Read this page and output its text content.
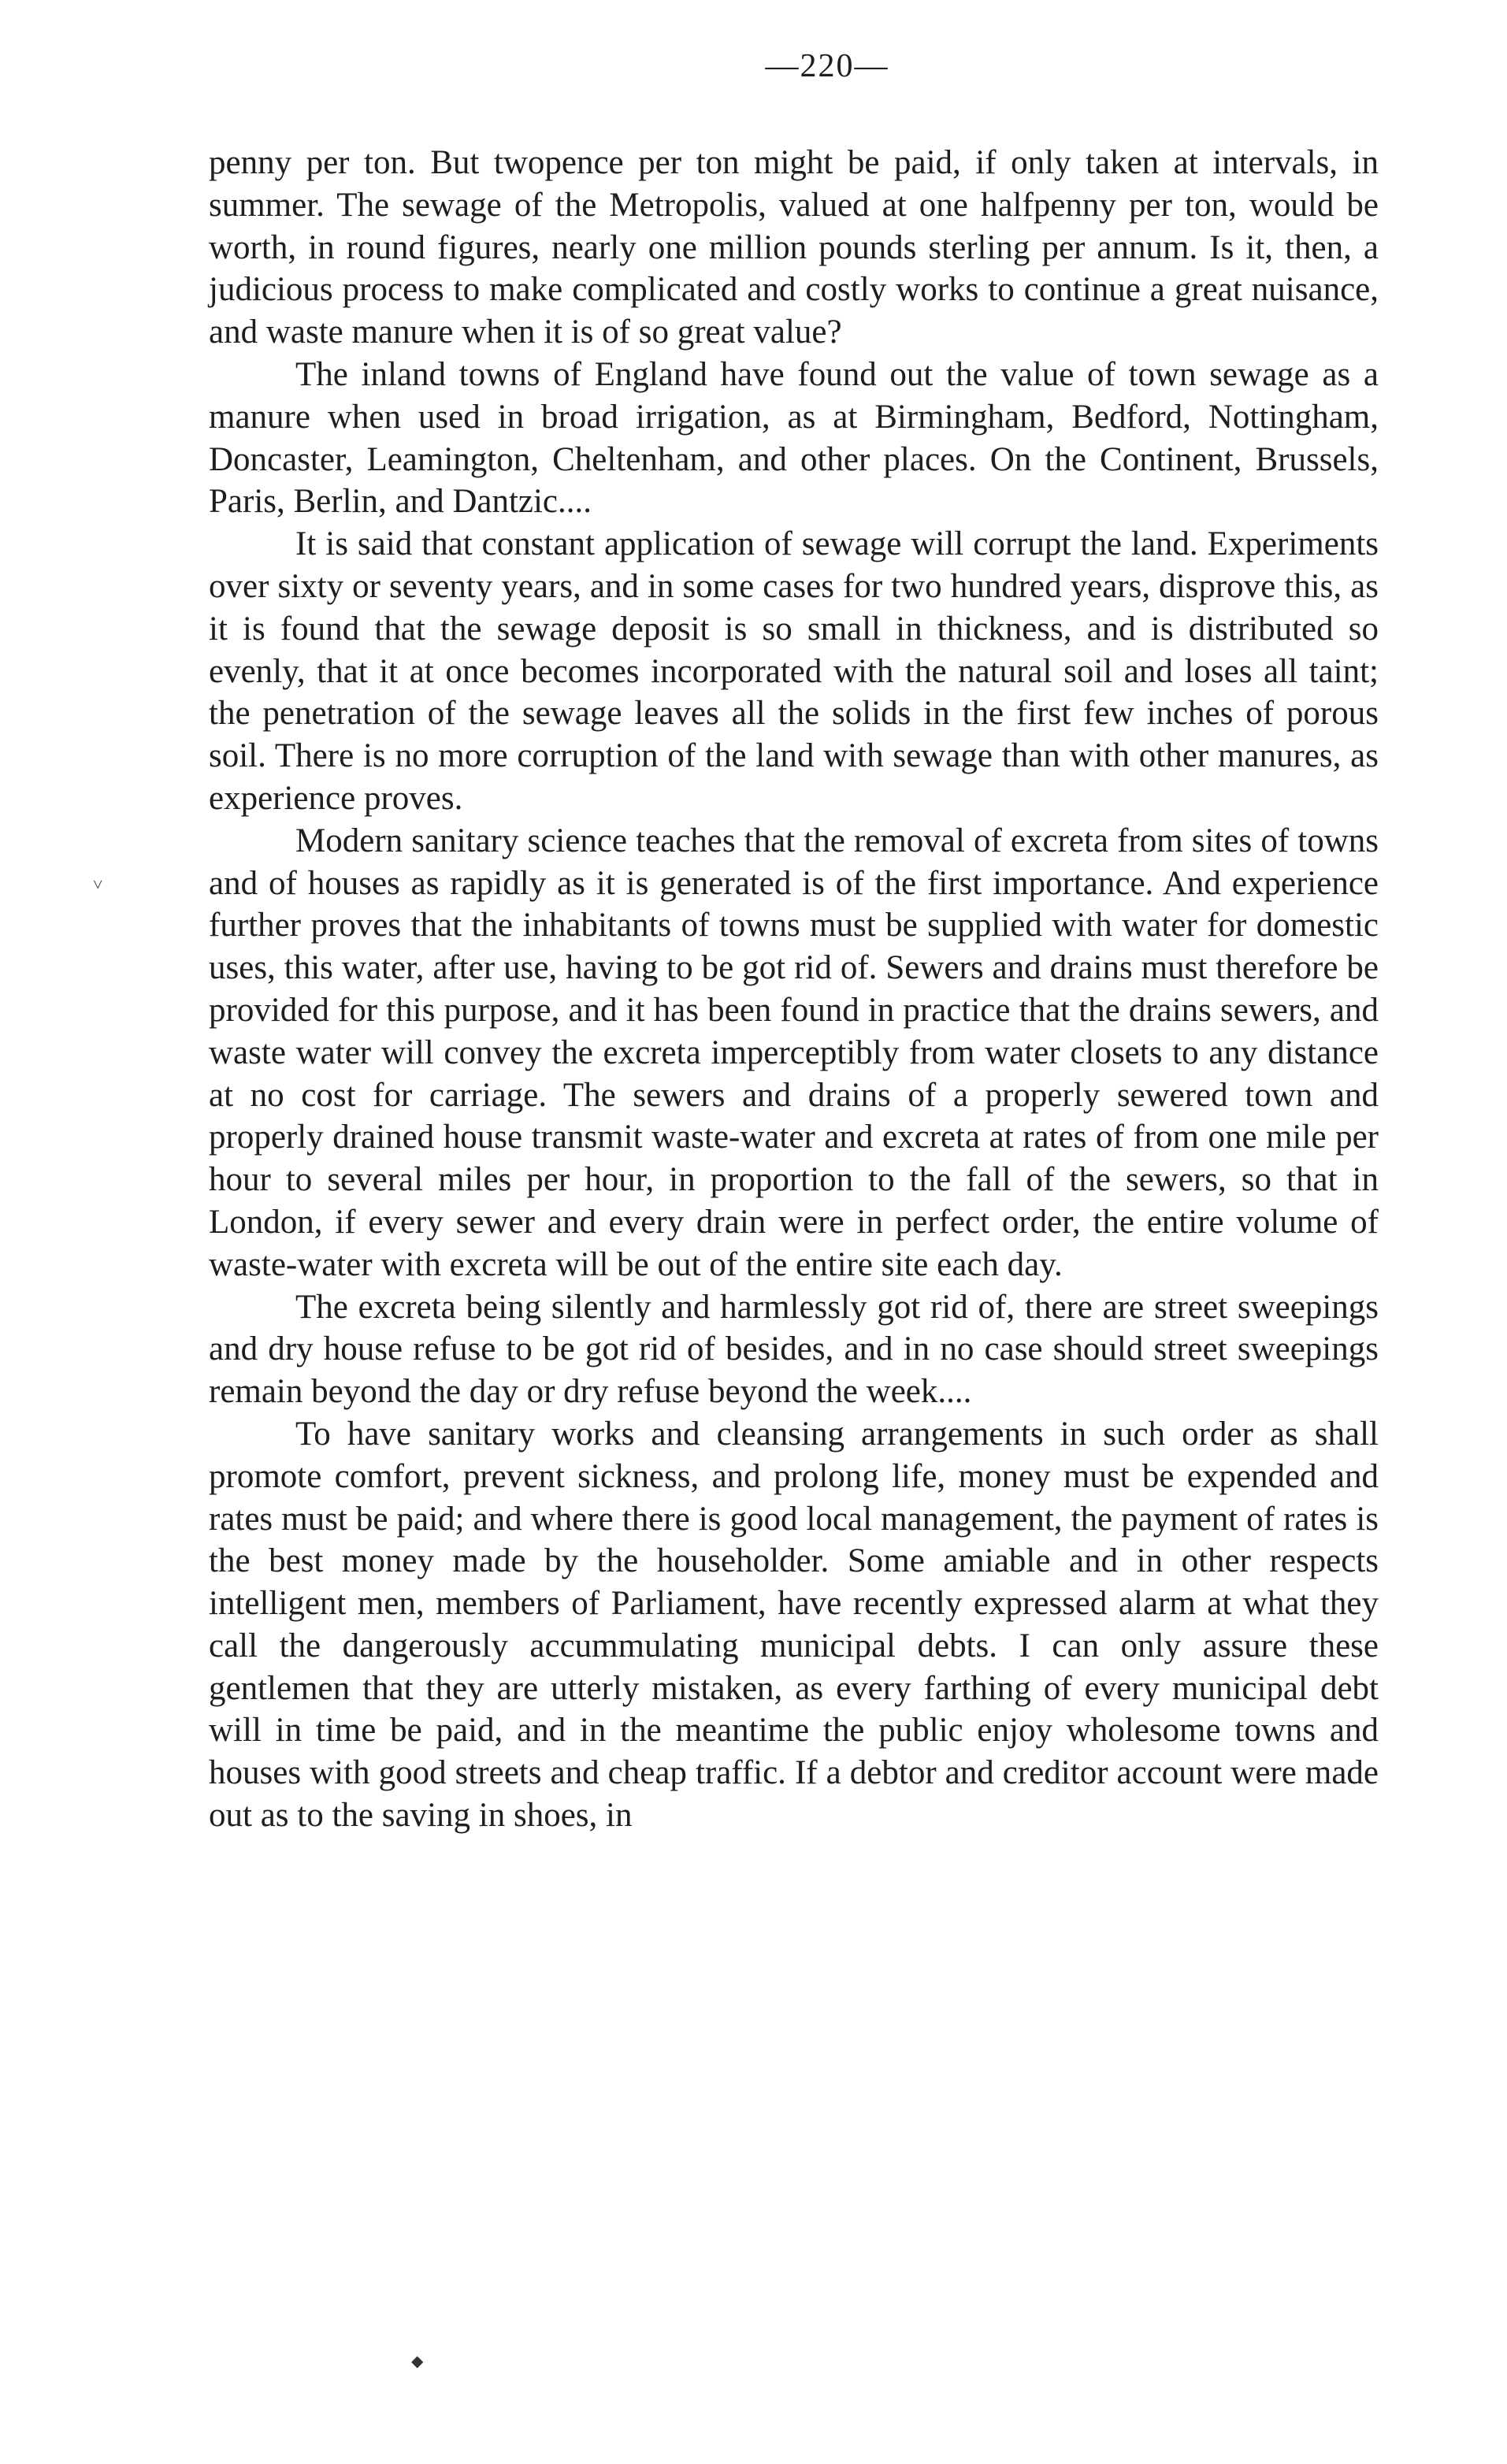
—220—
˅

penny per ton. But twopence per ton might be paid, if only taken at intervals, in summer. The sewage of the Metropolis, valued at one halfpenny per ton, would be worth, in round figures, nearly one million pounds sterling per annum. Is it, then, a judicious process to make complicated and costly works to continue a great nuisance, and waste manure when it is of so great value?

The inland towns of England have found out the value of town sewage as a manure when used in broad irrigation, as at Birmingham, Bedford, Nottingham, Doncaster, Leamington, Cheltenham, and other places. On the Continent, Brussels, Paris, Berlin, and Dantzic....

It is said that constant application of sewage will corrupt the land. Experiments over sixty or seventy years, and in some cases for two hundred years, disprove this, as it is found that the sewage deposit is so small in thickness, and is distributed so evenly, that it at once becomes incorporated with the natural soil and loses all taint; the penetration of the sewage leaves all the solids in the first few inches of porous soil. There is no more corruption of the land with sewage than with other manures, as experience proves.

Modern sanitary science teaches that the removal of excreta from sites of towns and of houses as rapidly as it is generated is of the first importance. And experience further proves that the inhabitants of towns must be supplied with water for domestic uses, this water, after use, having to be got rid of. Sewers and drains must therefore be provided for this purpose, and it has been found in practice that the drains sewers, and waste water will convey the excreta imperceptibly from water closets to any distance at no cost for carriage. The sewers and drains of a properly sewered town and properly drained house transmit waste-water and excreta at rates of from one mile per hour to several miles per hour, in proportion to the fall of the sewers, so that in London, if every sewer and every drain were in perfect order, the entire volume of waste-water with excreta will be out of the entire site each day.

The excreta being silently and harmlessly got rid of, there are street sweepings and dry house refuse to be got rid of besides, and in no case should street sweepings remain beyond the day or dry refuse beyond the week....

To have sanitary works and cleansing arrangements in such order as shall promote comfort, prevent sickness, and prolong life, money must be expended and rates must be paid; and where there is good local management, the payment of rates is the best money made by the householder. Some amiable and in other respects intelligent men, members of Parliament, have recently expressed alarm at what they call the dangerously accummulating municipal debts. I can only assure these gentlemen that they are utterly mistaken, as every farthing of every municipal debt will in time be paid, and in the meantime the public enjoy wholesome towns and houses with good streets and cheap traffic. If a debtor and creditor account were made out as to the saving in shoes, in

◆
